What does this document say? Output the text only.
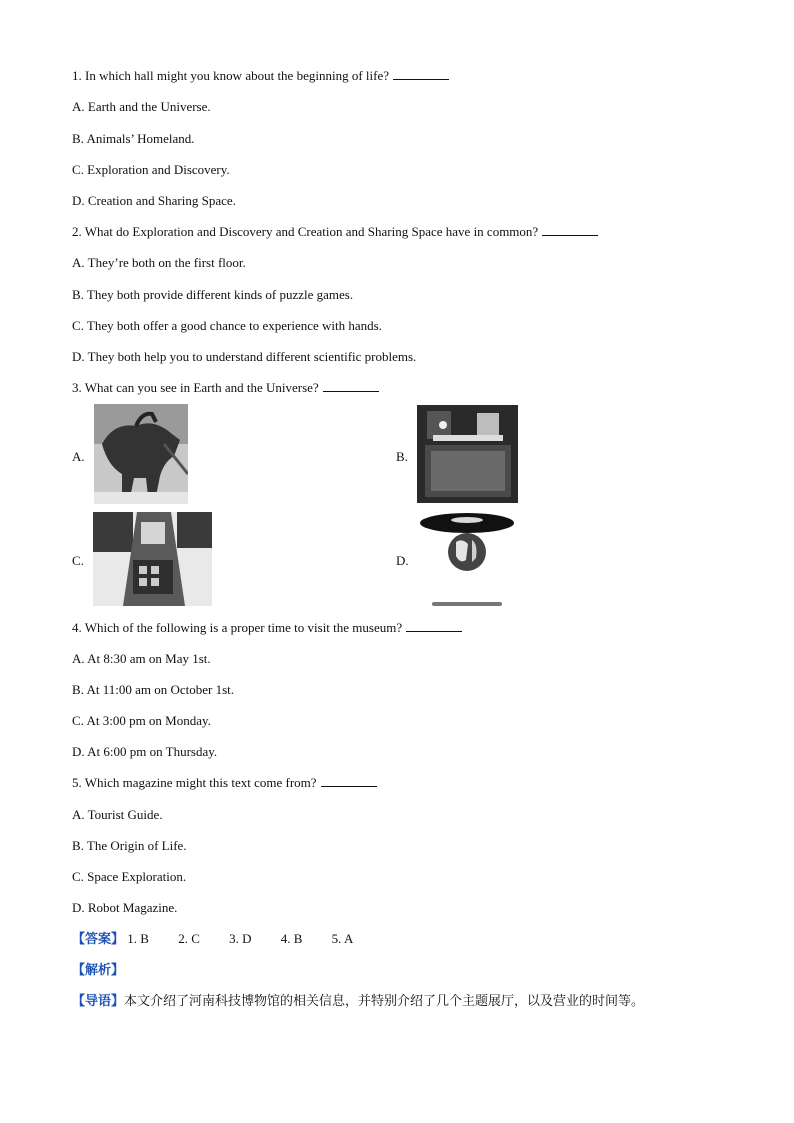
1. In which hall might you know about the beginning of life?
A. Earth and the Universe.
B. Animals’ Homeland.
C. Exploration and Discovery.
D. Creation and Sharing Space.
2. What do Exploration and Discovery and Creation and Sharing Space have in common?
A. They’re both on the first floor.
B. They both provide different kinds of puzzle games.
C. They both offer a good chance to experience with hands.
D. They both help you to understand different scientific problems.
3. What can you see in Earth and the Universe?
A.	B.
C.	D.
4. Which of the following is a proper time to visit the museum?
A. At 8:30 am on May 1st.
B. At 11:00 am on October 1st.
C. At 3:00 pm on Monday.
D. At 6:00 pm on Thursday.
5. Which magazine might this text come from?
A. Tourist Guide.
B. The Origin of Life.
C. Space Exploration.
D. Robot Magazine.
【答案】 1. B 2. C 3. D 4. B 5. A
【解析】
【导语】本文介绍了河南科技博物馆的相关信息，并特别介绍了几个主题展厅，以及营业的时间等。
